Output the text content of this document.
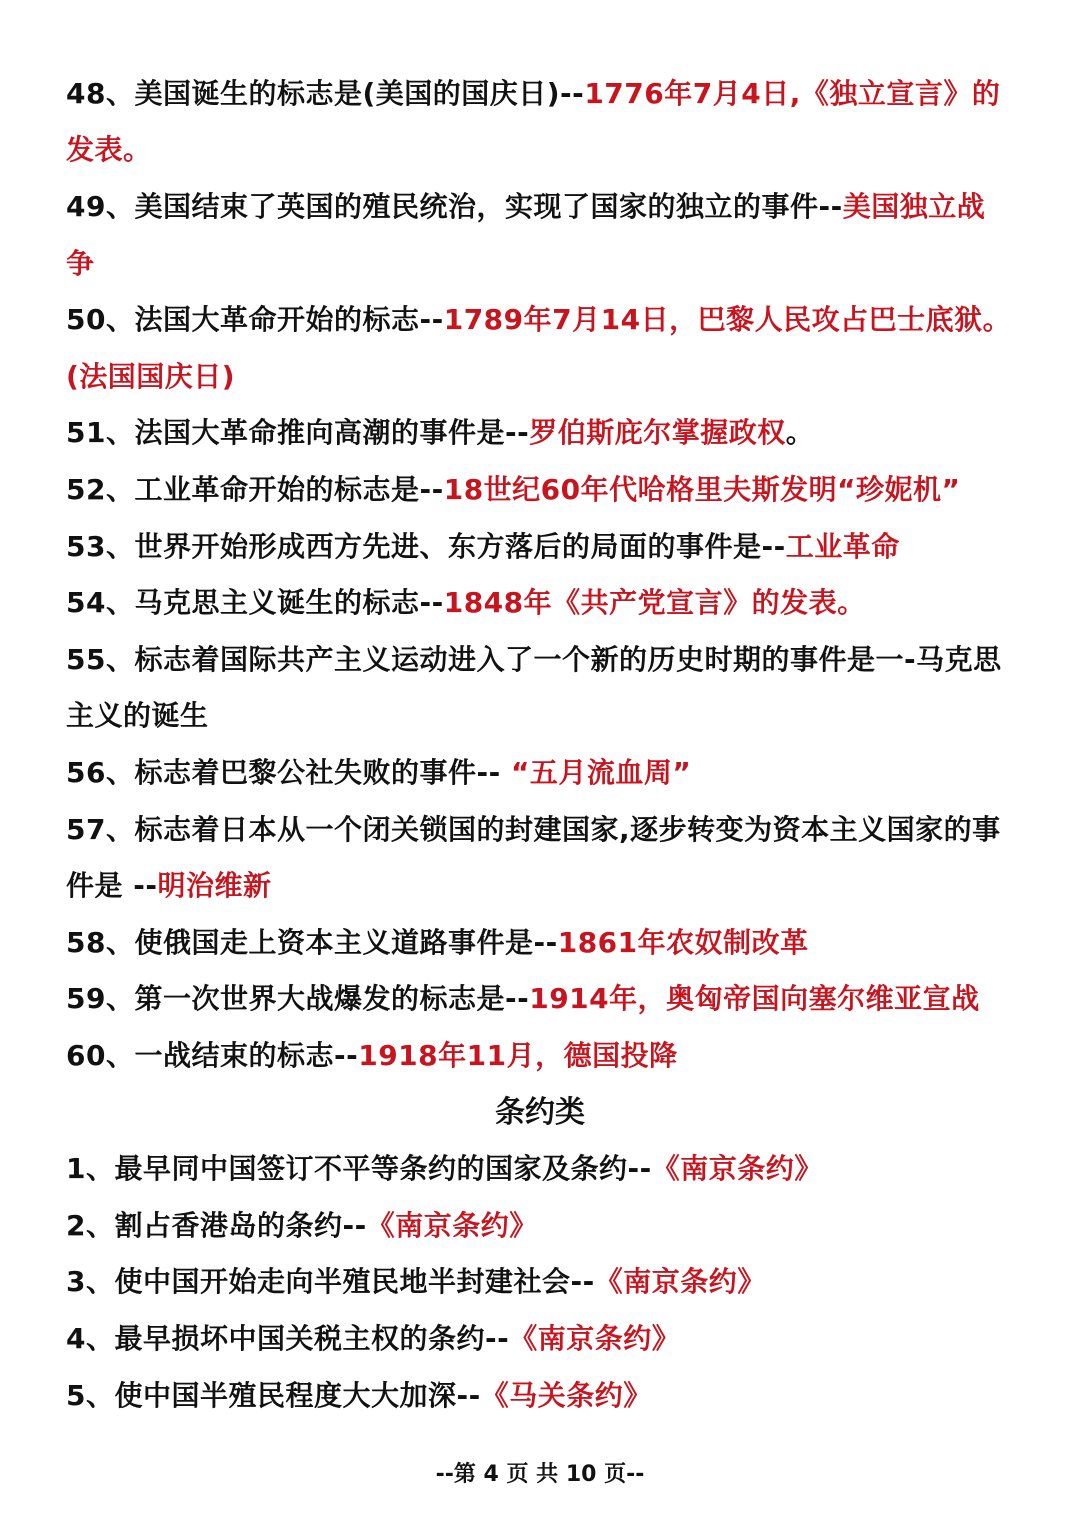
48、美国诞生的标志是(美国的国庆日)--1776年7月4日,《独立宣言》的
发表。
49、美国结束了英国的殖民统治，实现了国家的独立的事件--美国独立战
争
50、法国大革命开始的标志--1789年7月14日，巴黎人民攻占巴士底狱。
(法国国庆日)
51、法国大革命推向高潮的事件是--罗伯斯庇尔掌握政权。
52、工业革命开始的标志是--18世纪60年代哈格里夫斯发明“珍妮机”
53、世界开始形成西方先进、东方落后的局面的事件是--工业革命
54、马克思主义诞生的标志--1848年《共产党宣言》的发表。
55、标志着国际共产主义运动进入了一个新的历史时期的事件是一-马克思
主义的诞生
56、标志着巴黎公社失败的事件-- “五月流血周”
57、标志着日本从一个闭关锁国的封建国家,逐步转变为资本主义国家的事
件是 --明治维新
58、使俄国走上资本主义道路事件是--1861年农奴制改革
59、第一次世界大战爆发的标志是--1914年，奥匈帝国向塞尔维亚宣战
60、一战结束的标志--1918年11月，德国投降
条约类
1、最早同中国签订不平等条约的国家及条约--《南京条约》
2、割占香港岛的条约--《南京条约》
3、使中国开始走向半殖民地半封建社会--《南京条约》
4、最早损坏中国关税主权的条约--《南京条约》
5、使中国半殖民程度大大加深--《马关条约》
--第 4 页 共 10 页--
